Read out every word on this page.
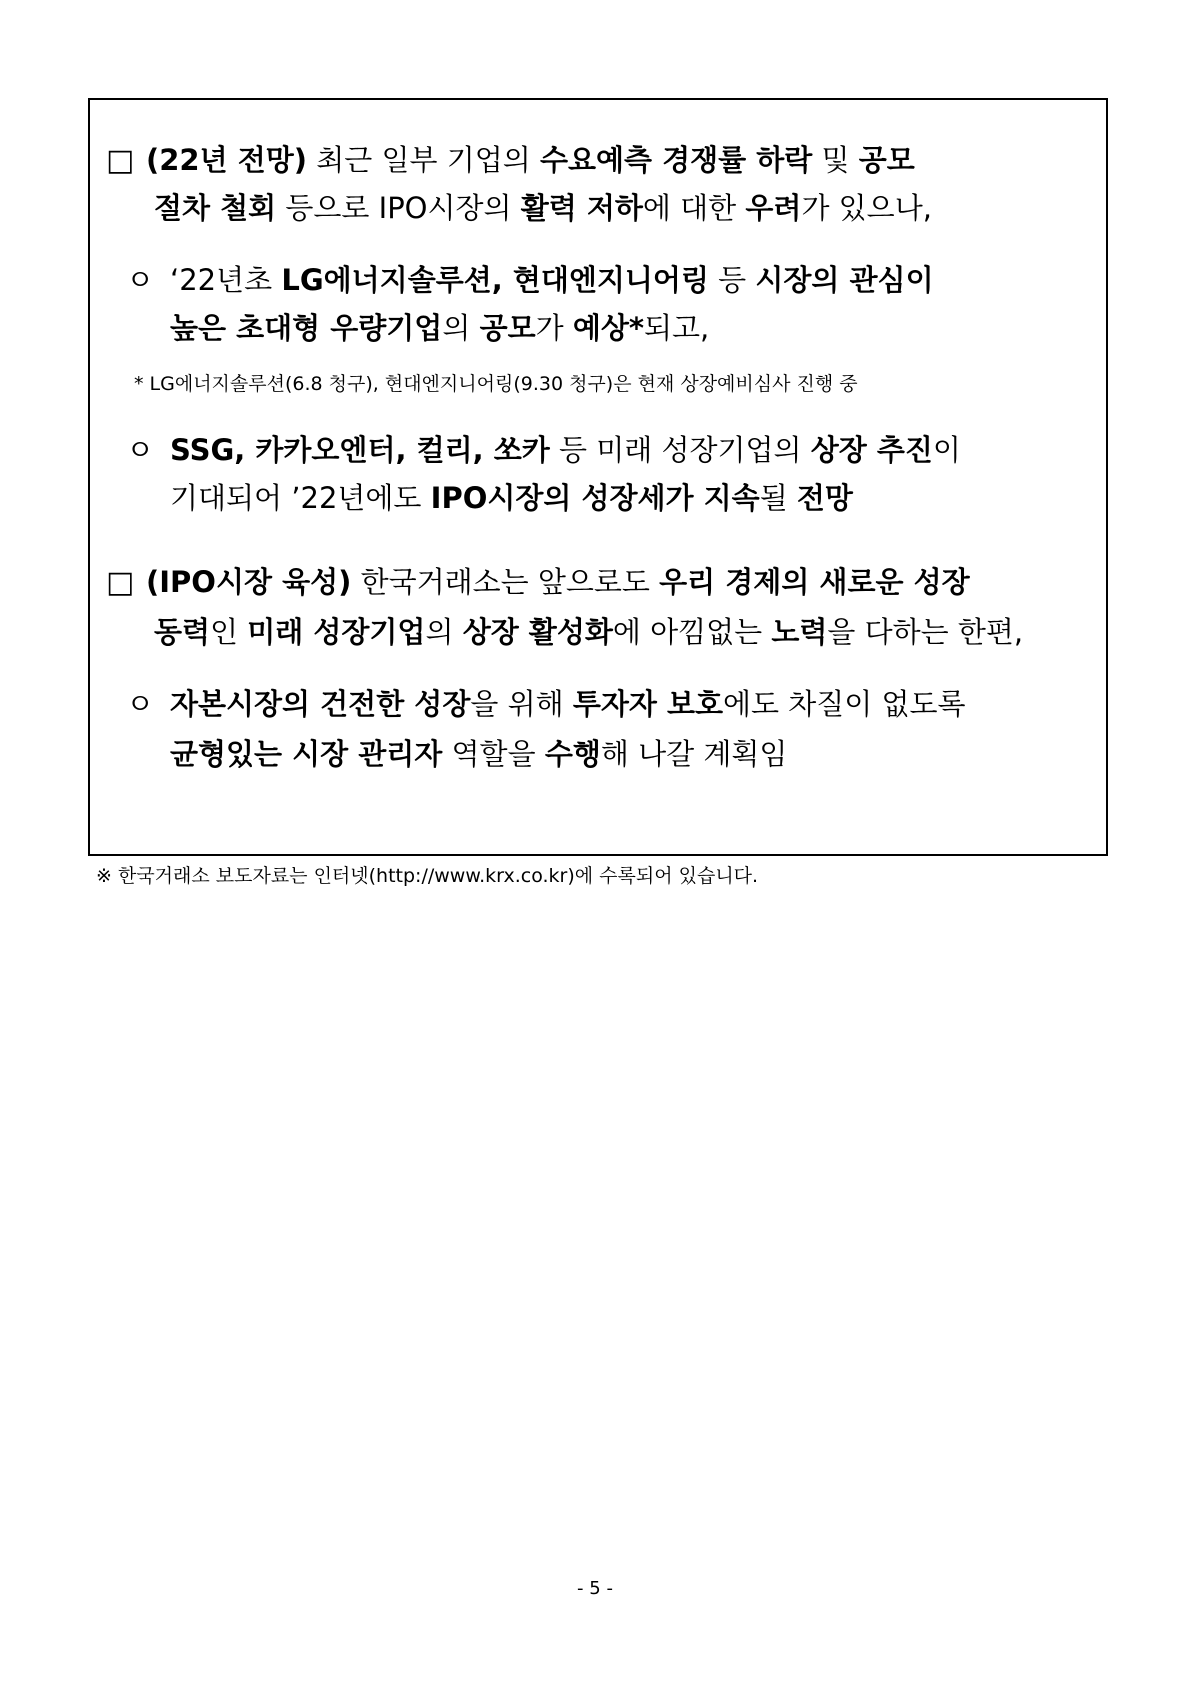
□ (22년 전망) 최근 일부 기업의 수요예측 경쟁률 하락 및 공모
절차 철회 등으로 IPO시장의 활력 저하에 대한 우려가 있으나,
ㅇ ‘22년초 LG에너지솔루션, 현대엔지니어링 등 시장의 관심이
높은 초대형 우량기업의 공모가 예상*되고,
* LG에너지솔루션(6.8 청구), 현대엔지니어링(9.30 청구)은 현재 상장예비심사 진행 중
ㅇ SSG, 카카오엔터, 컬리, 쏘카 등 미래 성장기업의 상장 추진이
기대되어 ’22년에도 IPO시장의 성장세가 지속될 전망
□ (IPO시장 육성) 한국거래소는 앞으로도 우리 경제의 새로운 성장
동력인 미래 성장기업의 상장 활성화에 아낌없는 노력을 다하는 한편,
ㅇ 자본시장의 건전한 성장을 위해 투자자 보호에도 차질이 없도록
균형있는 시장 관리자 역할을 수행해 나갈 계획임
※ 한국거래소 보도자료는 인터넷(http://www.krx.co.kr)에 수록되어 있습니다.
- 5 -
